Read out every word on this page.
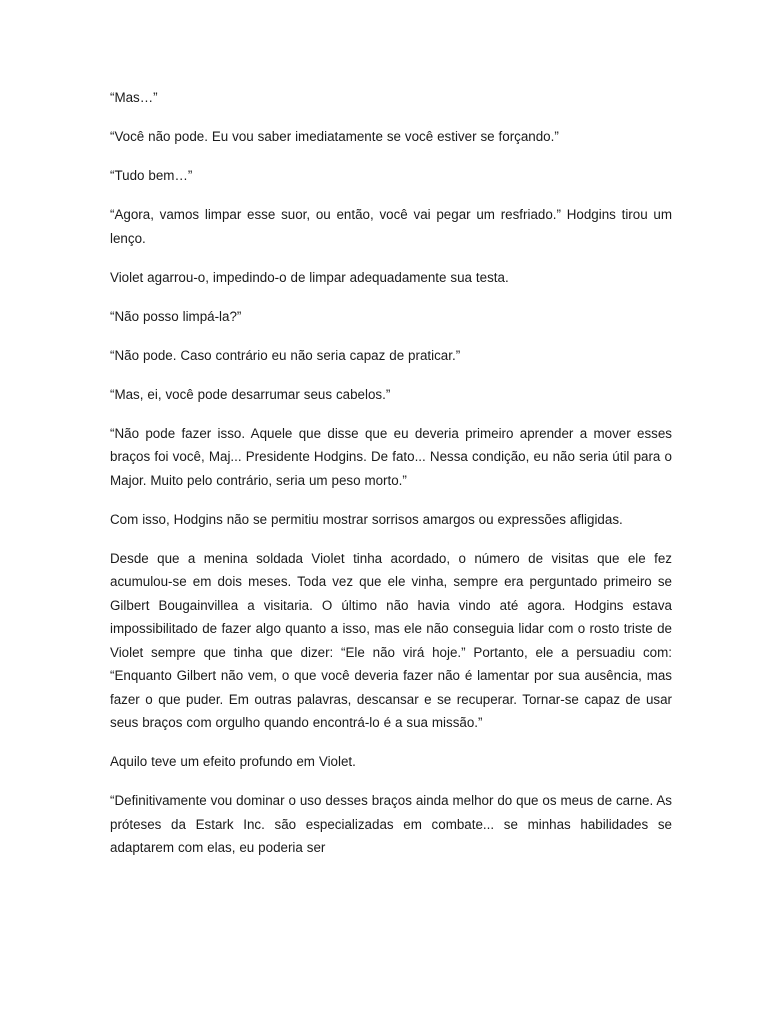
“Mas…”

“Você não pode. Eu vou saber imediatamente se você estiver se forçando.”

“Tudo bem…”

“Agora, vamos limpar esse suor, ou então, você vai pegar um resfriado.” Hodgins tirou um lenço.

Violet agarrou-o, impedindo-o de limpar adequadamente sua testa.

“Não posso limpá-la?”

“Não pode. Caso contrário eu não seria capaz de praticar.”

“Mas, ei, você pode desarrumar seus cabelos.”

“Não pode fazer isso. Aquele que disse que eu deveria primeiro aprender a mover esses braços foi você, Maj... Presidente Hodgins. De fato... Nessa condição, eu não seria útil para o Major. Muito pelo contrário, seria um peso morto.”

Com isso, Hodgins não se permitiu mostrar sorrisos amargos ou expressões afligidas.

Desde que a menina soldada Violet tinha acordado, o número de visitas que ele fez acumulou-se em dois meses. Toda vez que ele vinha, sempre era perguntado primeiro se Gilbert Bougainvillea a visitaria. O último não havia vindo até agora. Hodgins estava impossibilitado de fazer algo quanto a isso, mas ele não conseguia lidar com o rosto triste de Violet sempre que tinha que dizer: “Ele não virá hoje.” Portanto, ele a persuadiu com: “Enquanto Gilbert não vem, o que você deveria fazer não é lamentar por sua ausência, mas fazer o que puder. Em outras palavras, descansar e se recuperar. Tornar-se capaz de usar seus braços com orgulho quando encontrá-lo é a sua missão.”

Aquilo teve um efeito profundo em Violet.

“Definitivamente vou dominar o uso desses braços ainda melhor do que os meus de carne. As próteses da Estark Inc. são especializadas em combate... se minhas habilidades se adaptarem com elas, eu poderia ser
